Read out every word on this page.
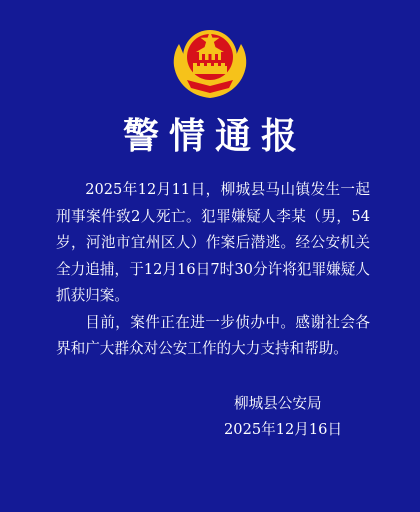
警情通报

2025年12月11日，柳城县马山镇发生一起刑事案件致2人死亡。犯罪嫌疑人李某（男，54岁，河池市宜州区人）作案后潜逃。经公安机关全力追捕，于12月16日7时30分许将犯罪嫌疑人抓获归案。

目前，案件正在进一步侦办中。感谢社会各界和广大群众对公安工作的大力支持和帮助。

柳城县公安局
2025年12月16日
